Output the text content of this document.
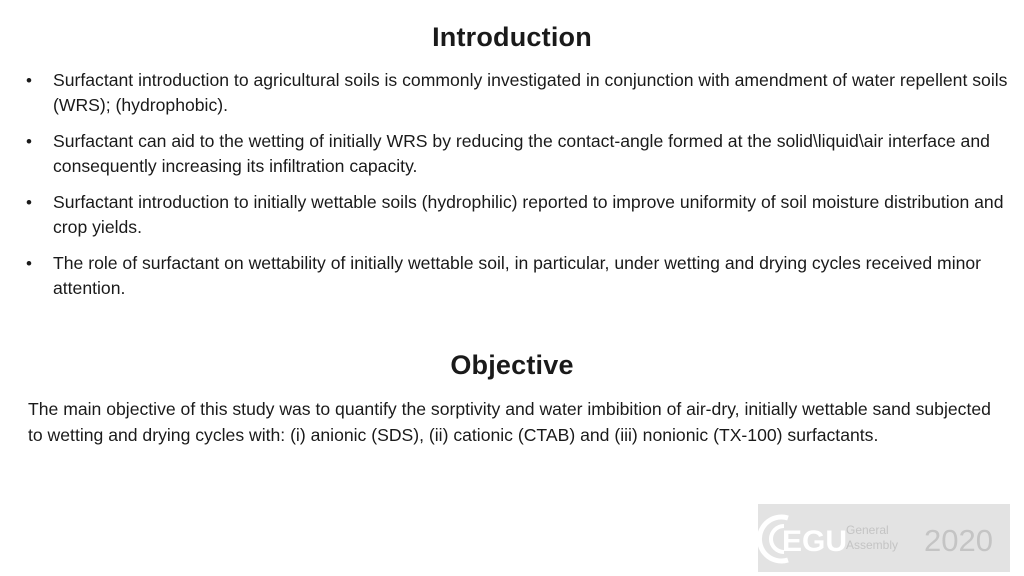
Introduction
• Surfactant introduction to agricultural soils is commonly investigated in conjunction with amendment of water repellent soils (WRS); (hydrophobic).
• Surfactant can aid to the wetting of initially WRS by reducing the contact-angle formed at the solid\liquid\air interface and consequently increasing its infiltration capacity.
• Surfactant introduction to initially wettable soils (hydrophilic) reported to improve uniformity of soil moisture distribution and crop yields.
• The role of surfactant on wettability of initially wettable soil, in particular, under wetting and drying cycles received minor attention.
Objective

The main objective of this study was to quantify the sorptivity and water imbibition of air-dry, initially wettable sand subjected to wetting and drying cycles with: (i) anionic (SDS), (ii) cationic (CTAB) and (iii) nonionic (TX-100) surfactants.

EGU
General
Assembly 2020
